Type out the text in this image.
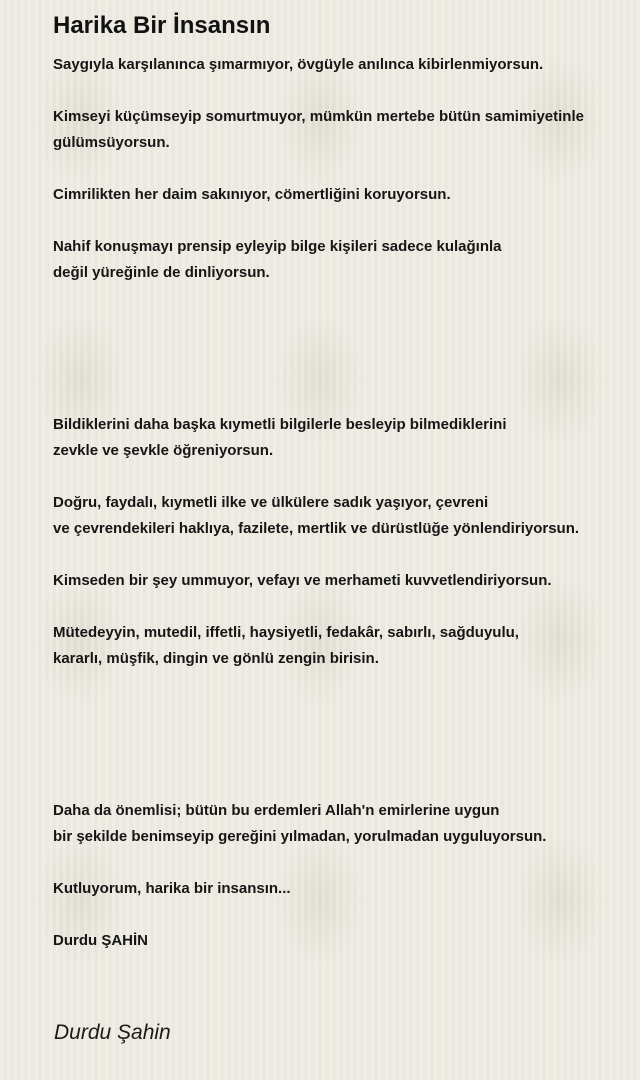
Harika Bir İnsansın
Saygıyla karşılanınca şımarmıyor, övgüyle anılınca kibirlenmiyorsun.
Kimseyi küçümseyip somurtmuyor, mümkün mertebe bütün samimiyetinle
gülümsüyorsun.
Cimrilikten her daim sakınıyor, cömertliğini koruyorsun.
Nahif konuşmayı prensip eyleyip bilge kişileri sadece kulağınla
değil yüreğinle de dinliyorsun.
Bildiklerini daha başka kıymetli bilgilerle besleyip bilmediklerini
zevkle ve şevkle öğreniyorsun.
Doğru, faydalı, kıymetli ilke ve ülkülere sadık yaşıyor, çevreni
ve çevrendekileri haklıya, fazilete, mertlik ve dürüstlüğe yönlendiriyorsun.
Kimseden bir şey ummuyor, vefayı ve merhameti kuvvetlendiriyorsun.
Mütedeyyin, mutedil, iffetli, haysiyetli, fedakâr, sabırlı, sağduyulu,
kararlı, müşfik, dingin ve gönlü zengin birisin.
Daha da önemlisi; bütün bu erdemleri Allah'n emirlerine uygun
bir şekilde benimseyip gereğini yılmadan, yorulmadan uyguluyorsun.
Kutluyorum, harika bir insansın...
Durdu ŞAHİN
Durdu Şahin
